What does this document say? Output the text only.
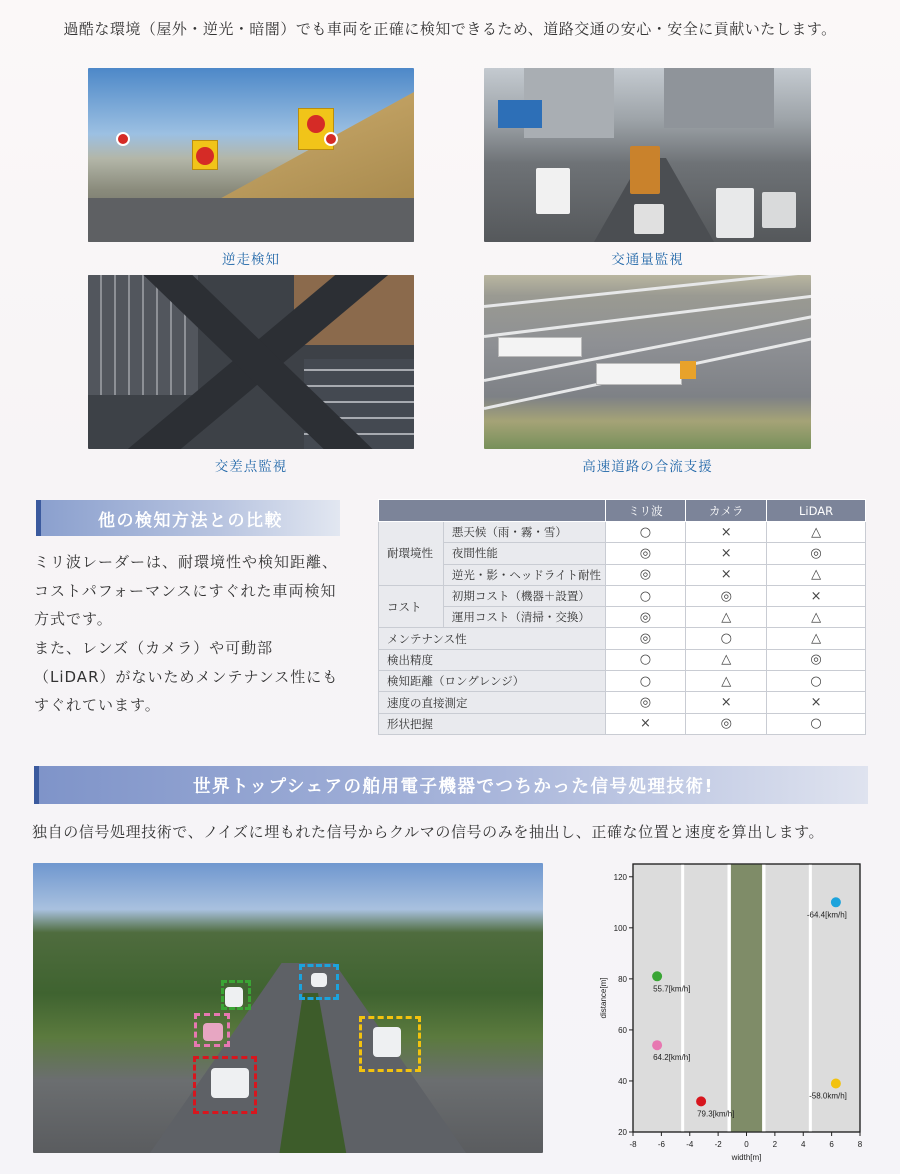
過酷な環境（屋外・逆光・暗闇）でも車両を正確に検知できるため、道路交通の安心・安全に貢献いたします。
逆走検知	交通量監視
交差点監視	高速道路の合流支援
他の検知方法との比較
ミリ波レーダーは、耐環境性や検知距離、コストパフォーマンスにすぐれた車両検知方式です。
また、レンズ（カメラ）や可動部（LiDAR）がないためメンテナンス性にもすぐれています。
		ミリ波	カメラ	LiDAR
耐環境性	悪天候（雨・霧・雪）	○	×	△
	夜間性能	◎	×	◎
	逆光・影・ヘッドライト耐性	◎	×	△
コスト	初期コスト（機器＋設置）	○	◎	×
	運用コスト（清掃・交換）	◎	△	△
メンテナンス性		◎	○	△
検出精度		○	△	◎
検知距離（ロングレンジ）		○	△	○
速度の直接測定		◎	×	×
形状把握		×	◎	○
世界トップシェアの舶用電子機器でつちかった信号処理技術!
独自の信号処理技術で、ノイズに埋もれた信号からクルマの信号のみを抽出し、正確な位置と速度を算出します。
-8	-6	-4	-2	0	2	4	6	8
20
40
60
80
100
120
width[m]
distance[m]	55.7[km/h]
64.2[km/h]
79.3[km/h]
-64.4[km/h]
-58.0km/h]
